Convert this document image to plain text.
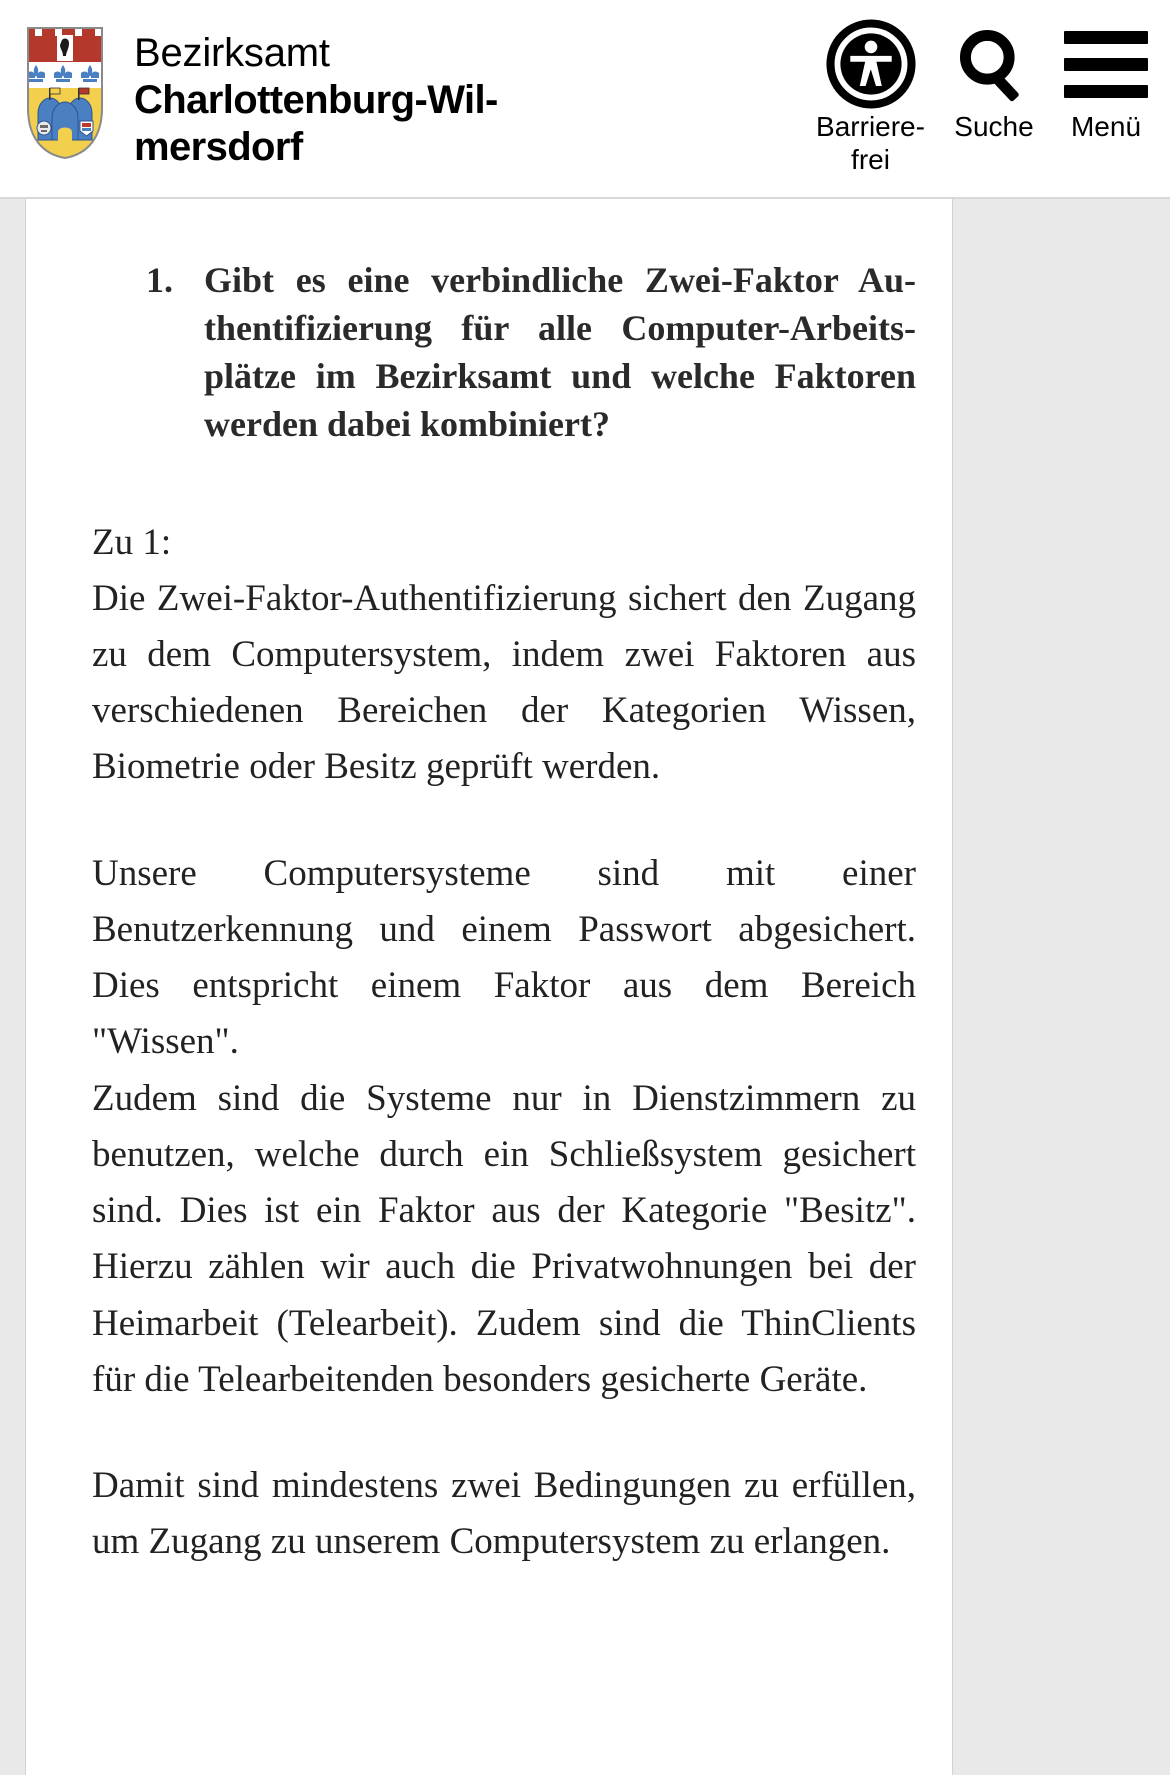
Bezirksamt
Charlottenburg-Wil-
mersdorf	Barriere-
frei
Suche Menü
1. Gibt es eine verbindliche Zwei-Faktor Authentifizierung für alle Computer-Arbeitsplätze im Bezirksamt und welche Faktoren werden dabei kombiniert?

Zu 1:

Die Zwei-Faktor-Authentifizierung sichert den Zugang zu dem Computersystem, indem zwei Faktoren aus verschiedenen Bereichen der Kategorien Wissen, Biometrie oder Besitz geprüft werden.

Unsere Computersysteme sind mit einer Benutzerkennung und einem Passwort abgesichert. Dies entspricht einem Faktor aus dem Bereich "Wissen".

Zudem sind die Systeme nur in Dienstzimmern zu benutzen, welche durch ein Schließsystem gesichert sind. Dies ist ein Faktor aus der Kategorie "Besitz". Hierzu zählen wir auch die Privatwohnungen bei der Heimarbeit (Telearbeit). Zudem sind die ThinClients für die Telearbeitenden besonders gesicherte Geräte.

Damit sind mindestens zwei Bedingungen zu erfüllen, um Zugang zu unserem Computersystem zu erlangen.
